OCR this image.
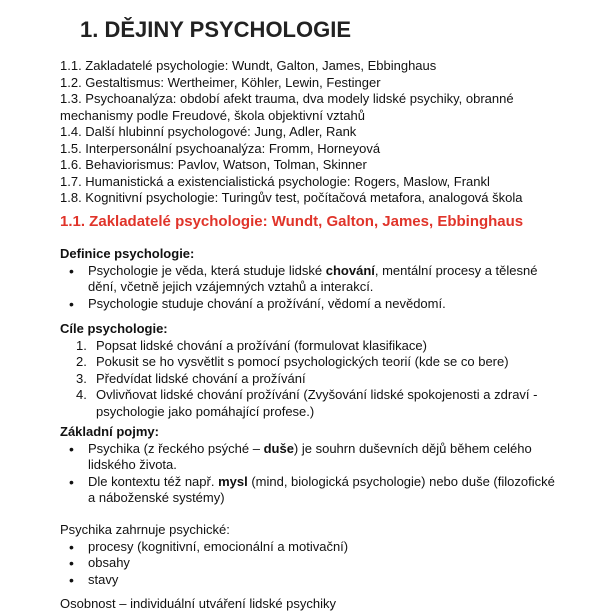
1. DĚJINY PSYCHOLOGIE
1.1. Zakladatelé psychologie: Wundt, Galton, James, Ebbinghaus
1.2. Gestaltismus: Wertheimer, Köhler, Lewin, Festinger
1.3. Psychoanalýza: období afekt trauma, dva modely lidské psychiky, obranné mechanismy podle Freudové, škola objektivní vztahů
1.4. Další hlubinní psychologové: Jung, Adler, Rank
1.5. Interpersonální psychoanalýza: Fromm, Horneyová
1.6. Behaviorismus: Pavlov, Watson, Tolman, Skinner
1.7. Humanistická a existencialistická psychologie: Rogers, Maslow, Frankl
1.8. Kognitivní psychologie: Turingův test, počítačová metafora, analogová škola
1.1. Zakladatelé psychologie: Wundt, Galton, James, Ebbinghaus

Definice psychologie:

• Psychologie je věda, která studuje lidské chování, mentální procesy a tělesné dění, včetně jejich vzájemných vztahů a interakcí.
• Psychologie studuje chování a prožívání, vědomí a nevědomí.

Cíle psychologie:

1. Popsat lidské chování a prožívání (formulovat klasifikace)
2. Pokusit se ho vysvětlit s pomocí psychologických teorií (kde se co bere)
3. Předvídat lidské chování a prožívání
4. Ovlivňovat lidské chování prožívání (Zvyšování lidské spokojenosti a zdraví - psychologie jako pomáhající profese.)

Základní pojmy:

• Psychika (z řeckého psýché – duše) je souhrn duševních dějů během celého lidského života.
• Dle kontextu též např. mysl (mind, biologická psychologie) nebo duše (filozofické a náboženské systémy)

Psychika zahrnuje psychické:

• procesy (kognitivní, emocionální a motivační)
• obsahy
• stavy

Osobnost – individuální utváření lidské psychiky
